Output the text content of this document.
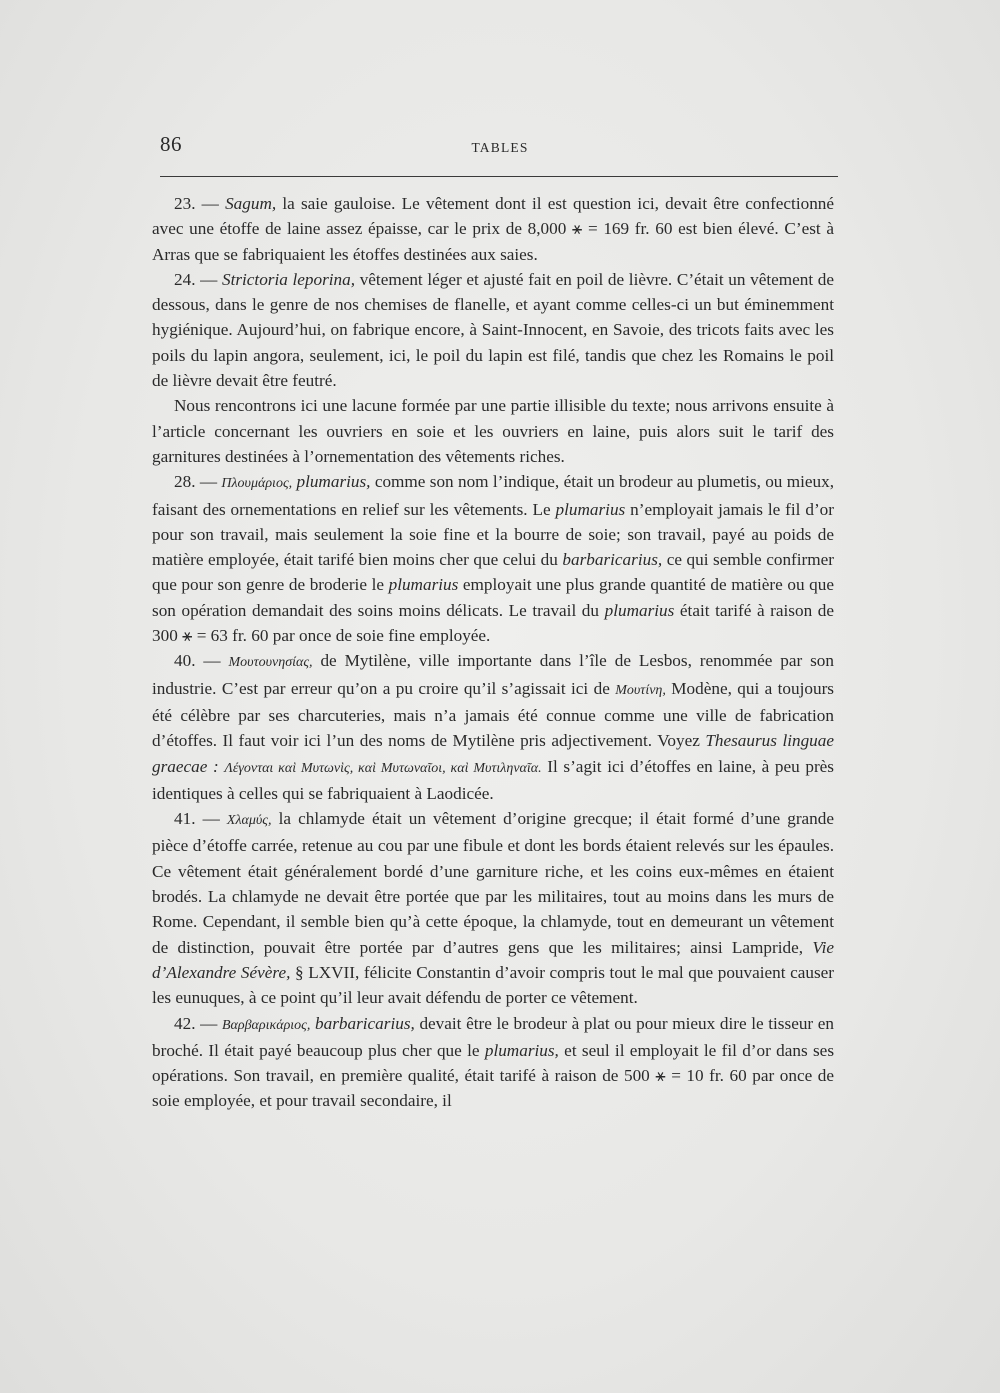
86	TABLES

23. — Sagum, la saie gauloise. Le vêtement dont il est question ici, devait être confectionné avec une étoffe de laine assez épaisse, car le prix de 8,000 ⚹ = 169 fr. 60 est bien élevé. C’est à Arras que se fabriquaient les étoffes destinées aux saies.

24. — Strictoria leporina, vêtement léger et ajusté fait en poil de lièvre. C’était un vêtement de dessous, dans le genre de nos chemises de flanelle, et ayant comme celles-ci un but éminemment hygiénique. Aujourd’hui, on fabrique encore, à Saint-Innocent, en Savoie, des tricots faits avec les poils du lapin angora, seulement, ici, le poil du lapin est filé, tandis que chez les Romains le poil de lièvre devait être feutré.

Nous rencontrons ici une lacune formée par une partie illisible du texte; nous arrivons ensuite à l’article concernant les ouvriers en soie et les ouvriers en laine, puis alors suit le tarif des garnitures destinées à l’ornementation des vêtements riches.

28. — Πλουμάριος, plumarius, comme son nom l’indique, était un brodeur au plumetis, ou mieux, faisant des ornementations en relief sur les vêtements. Le plumarius n’employait jamais le fil d’or pour son travail, mais seulement la soie fine et la bourre de soie; son travail, payé au poids de matière employée, était tarifé bien moins cher que celui du barbaricarius, ce qui semble confirmer que pour son genre de broderie le plumarius employait une plus grande quantité de matière ou que son opération demandait des soins moins délicats. Le travail du plumarius était tarifé à raison de 300 ⚹ = 63 fr. 60 par once de soie fine employée.

40. — Μουτουνησίας, de Mytilène, ville importante dans l’île de Lesbos, renommée par son industrie. C’est par erreur qu’on a pu croire qu’il s’agissait ici de Μουτίνη, Modène, qui a toujours été célèbre par ses charcuteries, mais n’a jamais été connue comme une ville de fabrication d’étoffes. Il faut voir ici l’un des noms de Mytilène pris adjectivement. Voyez Thesaurus linguae graecae : Λέγονται καὶ Μυτωνὶς, καὶ Μυτωναῖοι, καὶ Μυτιληναῖα. Il s’agit ici d’étoffes en laine, à peu près identiques à celles qui se fabriquaient à Laodicée.

41. — Χλαμύς, la chlamyde était un vêtement d’origine grecque; il était formé d’une grande pièce d’étoffe carrée, retenue au cou par une fibule et dont les bords étaient relevés sur les épaules. Ce vêtement était généralement bordé d’une garniture riche, et les coins eux-mêmes en étaient brodés. La chlamyde ne devait être portée que par les militaires, tout au moins dans les murs de Rome. Cependant, il semble bien qu’à cette époque, la chlamyde, tout en demeurant un vêtement de distinction, pouvait être portée par d’autres gens que les militaires; ainsi Lampride, Vie d’Alexandre Sévère, § LXVII, félicite Constantin d’avoir compris tout le mal que pouvaient causer les eunuques, à ce point qu’il leur avait défendu de porter ce vêtement.

42. — Βαρβαρικάριος, barbaricarius, devait être le brodeur à plat ou pour mieux dire le tisseur en broché. Il était payé beaucoup plus cher que le plumarius, et seul il employait le fil d’or dans ses opérations. Son travail, en première qualité, était tarifé à raison de 500 ⚹ = 10 fr. 60 par once de soie employée, et pour travail secondaire, il
